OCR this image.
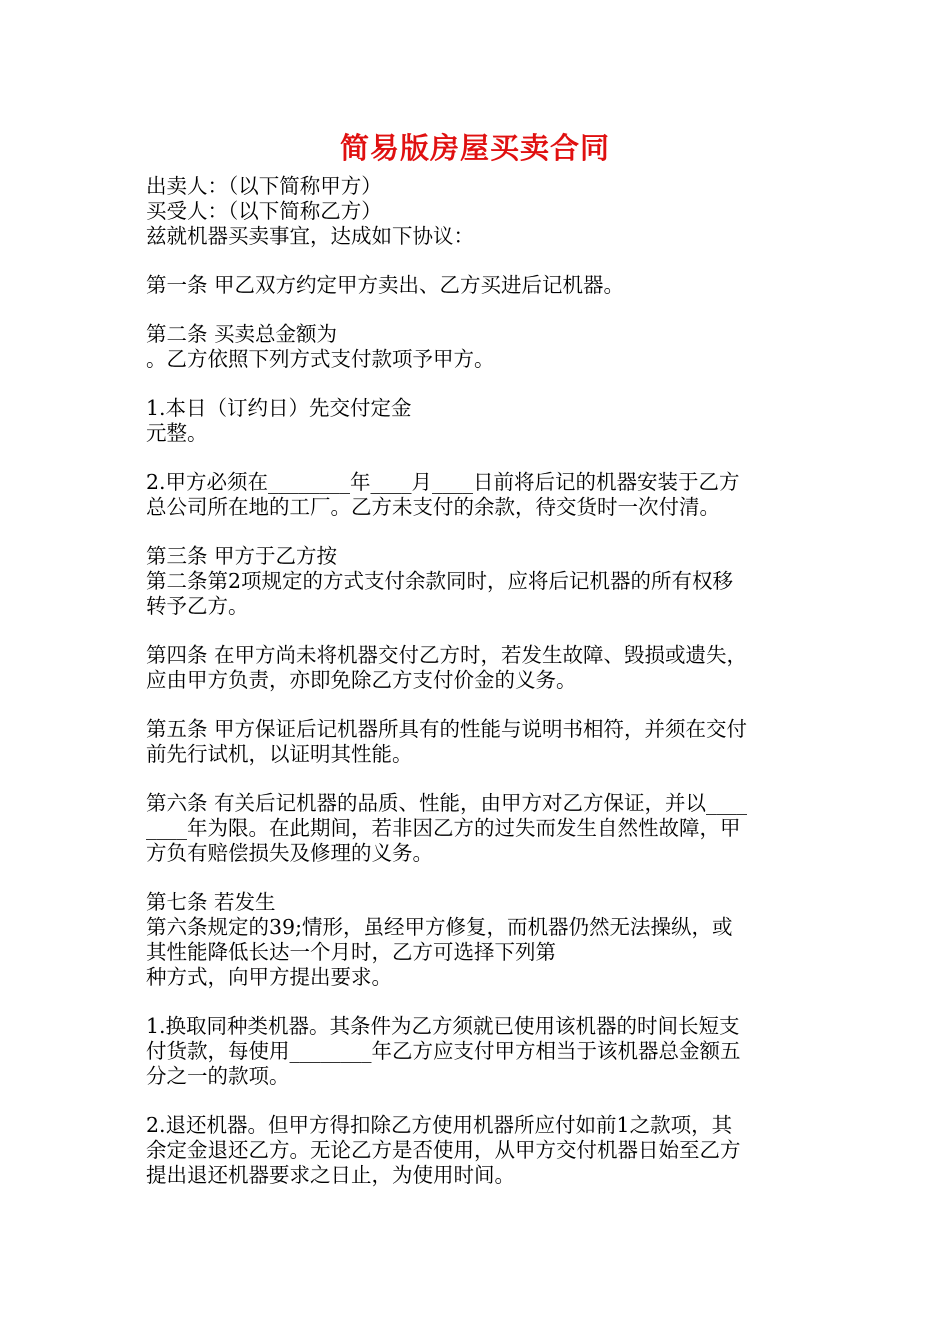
简易版房屋买卖合同
出卖人：（以下简称甲方）
买受人：（以下简称乙方）
兹就机器买卖事宜，达成如下协议：
第一条 甲乙双方约定甲方卖出、乙方买进后记机器。
第二条 买卖总金额为
。乙方依照下列方式支付款项予甲方。
1.本日（订约日）先交付定金
元整。
2.甲方必须在________年____月____日前将后记的机器安装于乙方
总公司所在地的工厂。乙方未支付的余款，待交货时一次付清。
第三条 甲方于乙方按
第二条第2项规定的方式支付余款同时，应将后记机器的所有权移
转予乙方。
第四条 在甲方尚未将机器交付乙方时，若发生故障、毁损或遗失，
应由甲方负责，亦即免除乙方支付价金的义务。
第五条 甲方保证后记机器所具有的性能与说明书相符，并须在交付
前先行试机，以证明其性能。
第六条 有关后记机器的品质、性能，由甲方对乙方保证，并以____
____年为限。在此期间，若非因乙方的过失而发生自然性故障，甲
方负有赔偿损失及修理的义务。
第七条 若发生
第六条规定的39;情形，虽经甲方修复，而机器仍然无法操纵，或
其性能降低长达一个月时，乙方可选择下列第
种方式，向甲方提出要求。
1.换取同种类机器。其条件为乙方须就已使用该机器的时间长短支
付货款，每使用________年乙方应支付甲方相当于该机器总金额五
分之一的款项。
2.退还机器。但甲方得扣除乙方使用机器所应付如前1之款项，其
余定金退还乙方。无论乙方是否使用，从甲方交付机器日始至乙方
提出退还机器要求之日止，为使用时间。
